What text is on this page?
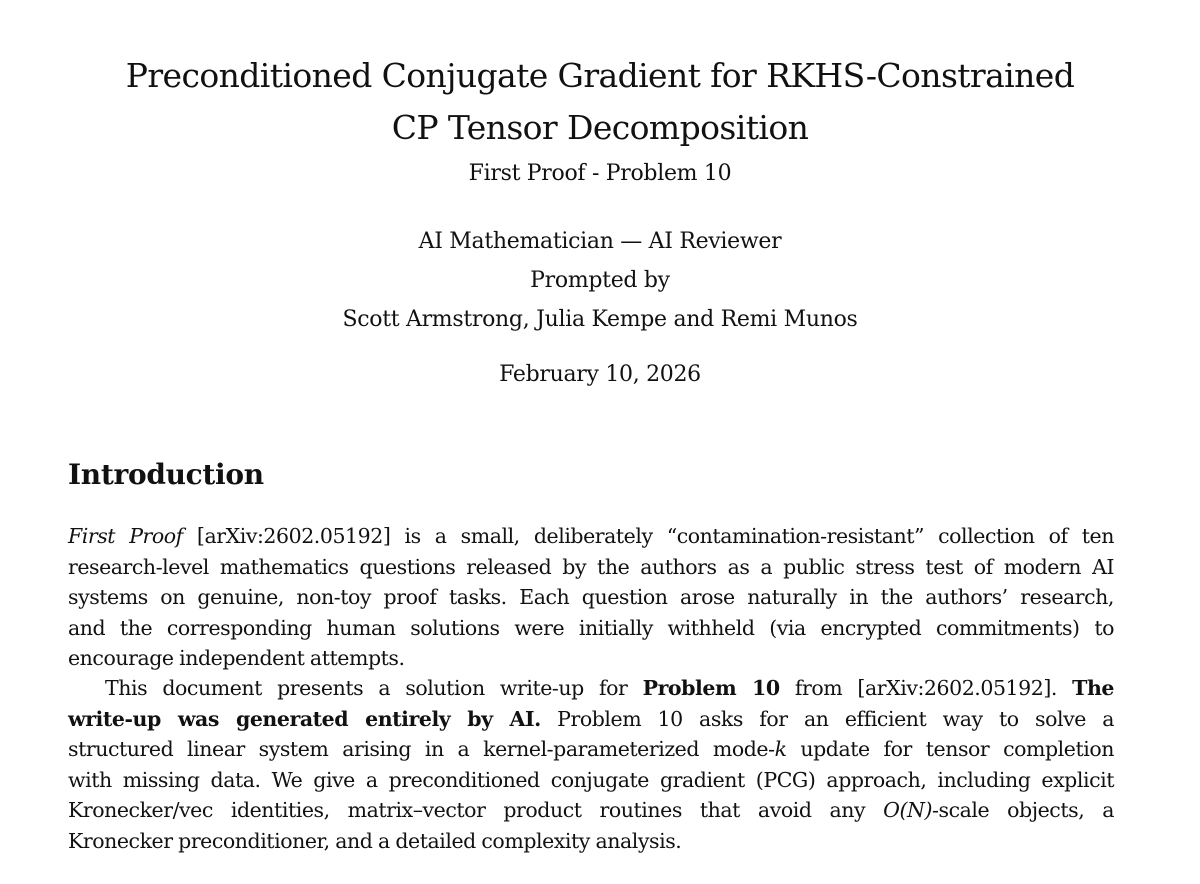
Preconditioned Conjugate Gradient for RKHS-Constrained
CP Tensor Decomposition

First Proof - Problem 10

AI Mathematician — AI Reviewer

Prompted by

Scott Armstrong, Julia Kempe and Remi Munos

February 10, 2026

Introduction
First Proof [arXiv:2602.05192] is a small, deliberately “contamination-resistant” collection of ten
research-level mathematics questions released by the authors as a public stress test of modern AI
systems on genuine, non-toy proof tasks. Each question arose naturally in the authors’ research,
and the corresponding human solutions were initially withheld (via encrypted commitments) to
encourage independent attempts.
This document presents a solution write-up for Problem 10 from [arXiv:2602.05192]. The
write-up was generated entirely by AI. Problem 10 asks for an efficient way to solve a
structured linear system arising in a kernel-parameterized mode-k update for tensor completion
with missing data. We give a preconditioned conjugate gradient (PCG) approach, including explicit
Kronecker/vec identities, matrix–vector product routines that avoid any O(N)-scale objects, a
Kronecker preconditioner, and a detailed complexity analysis.
